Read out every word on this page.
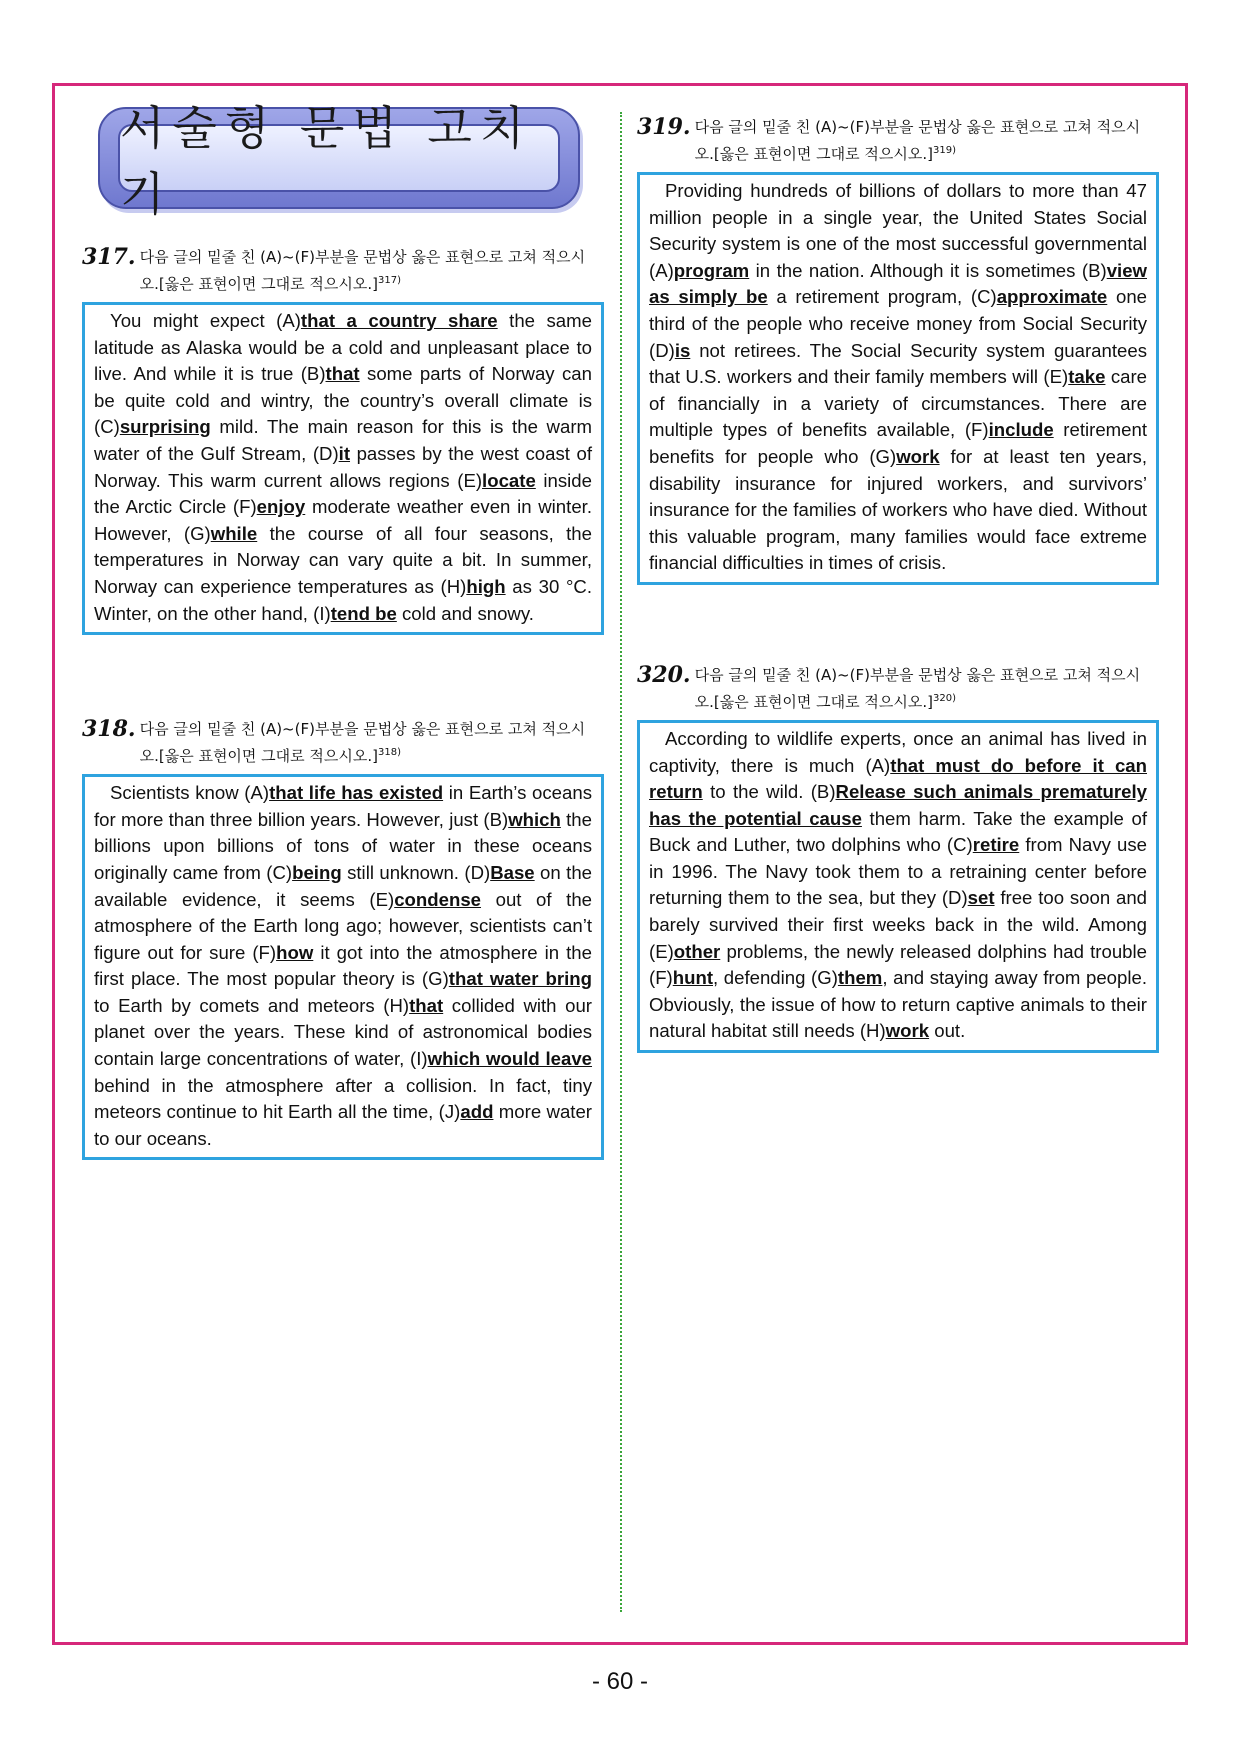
서술형 문법 고치기
317. 다음 글의 밑줄 친 (A)~(F)부분을 문법상 옳은 표현으로 고쳐 적으시오.[옳은 표현이면 그대로 적으시오.]$^{317)}$
You might expect (A)that a country share the same latitude as Alaska would be a cold and unpleasant place to live. And while it is true (B)that some parts of Norway can be quite cold and wintry, the country’s overall climate is (C)surprising mild. The main reason for this is the warm water of the Gulf Stream, (D)it passes by the west coast of Norway. This warm current allows regions (E)locate inside the Arctic Circle (F)enjoy moderate weather even in winter. However, (G)while the course of all four seasons, the temperatures in Norway can vary quite a bit. In summer, Norway can experience temperatures as (H)high as 30 °C. Winter, on the other hand, (I)tend be cold and snowy.
318. 다음 글의 밑줄 친 (A)~(F)부분을 문법상 옳은 표현으로 고쳐 적으시오.[옳은 표현이면 그대로 적으시오.]$^{318)}$
Scientists know (A)that life has existed in Earth’s oceans for more than three billion years. However, just (B)which the billions upon billions of tons of water in these oceans originally came from (C)being still unknown. (D)Base on the available evidence, it seems (E)condense out of the atmosphere of the Earth long ago; however, scientists can’t figure out for sure (F)how it got into the atmosphere in the first place. The most popular theory is (G)that water bring to Earth by comets and meteors (H)that collided with our planet over the years. These kind of astronomical bodies contain large concentrations of water, (I)which would leave behind in the atmosphere after a collision. In fact, tiny meteors continue to hit Earth all the time, (J)add more water to our oceans.
319. 다음 글의 밑줄 친 (A)~(F)부분을 문법상 옳은 표현으로 고쳐 적으시오.[옳은 표현이면 그대로 적으시오.]$^{319)}$
Providing hundreds of billions of dollars to more than 47 million people in a single year, the United States Social Security system is one of the most successful governmental (A)program in the nation. Although it is sometimes (B)view as simply be a retirement program, (C)approximate one third of the people who receive money from Social Security (D)is not retirees. The Social Security system guarantees that U.S. workers and their family members will (E)take care of financially in a variety of circumstances. There are multiple types of benefits available, (F)include retirement benefits for people who (G)work for at least ten years, disability insurance for injured workers, and survivors’ insurance for the families of workers who have died. Without this valuable program, many families would face extreme financial difficulties in times of crisis.
320. 다음 글의 밑줄 친 (A)~(F)부분을 문법상 옳은 표현으로 고쳐 적으시오.[옳은 표현이면 그대로 적으시오.]$^{320)}$
According to wildlife experts, once an animal has lived in captivity, there is much (A)that must do before it can return to the wild. (B)Release such animals prematurely has the potential cause them harm. Take the example of Buck and Luther, two dolphins who (C)retire from Navy use in 1996. The Navy took them to a retraining center before returning them to the sea, but they (D)set free too soon and barely survived their first weeks back in the wild. Among (E)other problems, the newly released dolphins had trouble (F)hunt, defending (G)them, and staying away from people. Obviously, the issue of how to return captive animals to their natural habitat still needs (H)work out.
- 60 -
